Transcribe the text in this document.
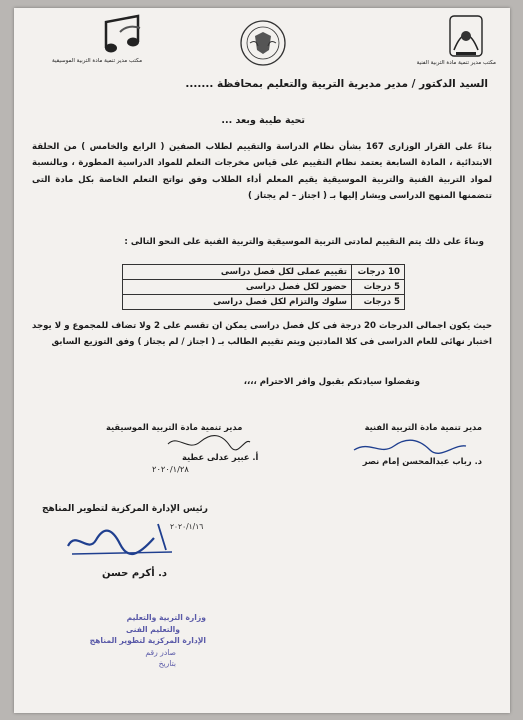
مكتب مدير تنمية مادة التربية الفنية
مكتب مدير تنمية مادة التربية الموسيقية
السيد الدكتور / مدير مديرية التربية والتعليم بمحافظة .......
تحية طيبة وبعد ...
بناءً على القرار الوزارى 167 بشأن نظام الدراسة والتقييم لطلاب الصفين ( الرابع والخامس ) من الحلقة الابتدائية ، المادة السابعة يعتمد نظام التقييم على قياس مخرجات التعلم للمواد الدراسية المطورة ، وبالنسبة لمواد التربية الفنية والتربية الموسيقية يقيم المعلم أداء الطلاب وفق نواتج التعلم الخاصة بكل مادة التى تتضمنها المنهج الدراسى ويشار إليها بـ ( اجتاز – لم يجتاز )
وبناءً على ذلك يتم التقييم لمادتى التربية الموسيقية والتربية الفنية على النحو التالى :
10 درجات	تقييم عملى لكل فصل دراسى
5 درجات	حضور لكل فصل دراسى
5 درجات	سلوك والتزام لكل فصل دراسى
حيث يكون اجمالى الدرجات 20 درجة فى كل فصل دراسى يمكن ان تقسم على 2 ولا تضاف للمجموع و لا يوجد اختبار نهائى للعام الدراسى فى كلا المادتين ويتم تقييم الطالب بـ ( اجتاز / لم يجتاز ) وفق التوزيع السابق
وتفضلوا سيادتكم بقبول وافر الاحترام ،،،،
مدير تنمية مادة التربية الفنية
د. رباب عبدالمحسن إمام نصر
مدير تنمية مادة التربية الموسيقية
أ. عبير عدلى عطية
٢٠٢٠/١/٢٨
رئيس الإدارة المركزية لتطوير المناهج
٢٠٢٠/١/١٦
د. أكرم حسن
وزارة التربية والتعليم
والتعليم الفنى
الإدارة المركزية لتطوير المناهج
صادر رقم
بتاريخ
